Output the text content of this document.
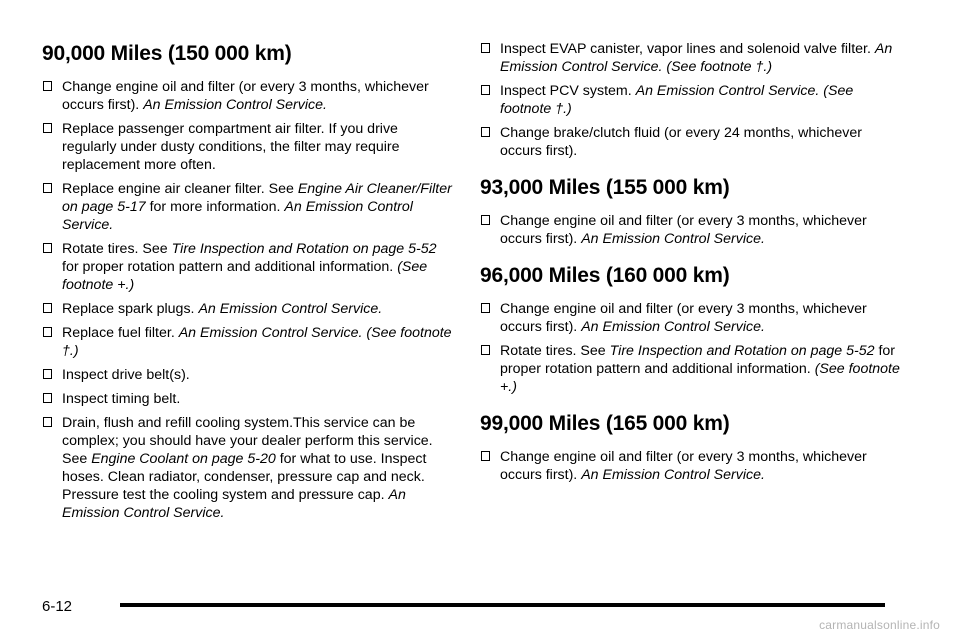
90,000 Miles (150 000 km)
Change engine oil and filter (or every 3 months, whichever occurs first). An Emission Control Service.
Replace passenger compartment air filter. If you drive regularly under dusty conditions, the filter may require replacement more often.
Replace engine air cleaner filter. See Engine Air Cleaner/Filter on page 5-17 for more information. An Emission Control Service.
Rotate tires. See Tire Inspection and Rotation on page 5-52 for proper rotation pattern and additional information. (See footnote +.)
Replace spark plugs. An Emission Control Service.
Replace fuel filter. An Emission Control Service. (See footnote †.)
Inspect drive belt(s).
Inspect timing belt.
Drain, flush and refill cooling system.This service can be complex; you should have your dealer perform this service. See Engine Coolant on page 5-20 for what to use. Inspect hoses. Clean radiator, condenser, pressure cap and neck. Pressure test the cooling system and pressure cap. An Emission Control Service.
Inspect EVAP canister, vapor lines and solenoid valve filter. An Emission Control Service. (See footnote †.)
Inspect PCV system. An Emission Control Service. (See footnote †.)
Change brake/clutch fluid (or every 24 months, whichever occurs first).
93,000 Miles (155 000 km)
Change engine oil and filter (or every 3 months, whichever occurs first). An Emission Control Service.
96,000 Miles (160 000 km)
Change engine oil and filter (or every 3 months, whichever occurs first). An Emission Control Service.
Rotate tires. See Tire Inspection and Rotation on page 5-52 for proper rotation pattern and additional information. (See footnote +.)
99,000 Miles (165 000 km)
Change engine oil and filter (or every 3 months, whichever occurs first). An Emission Control Service.
6-12
carmanualsonline.info
